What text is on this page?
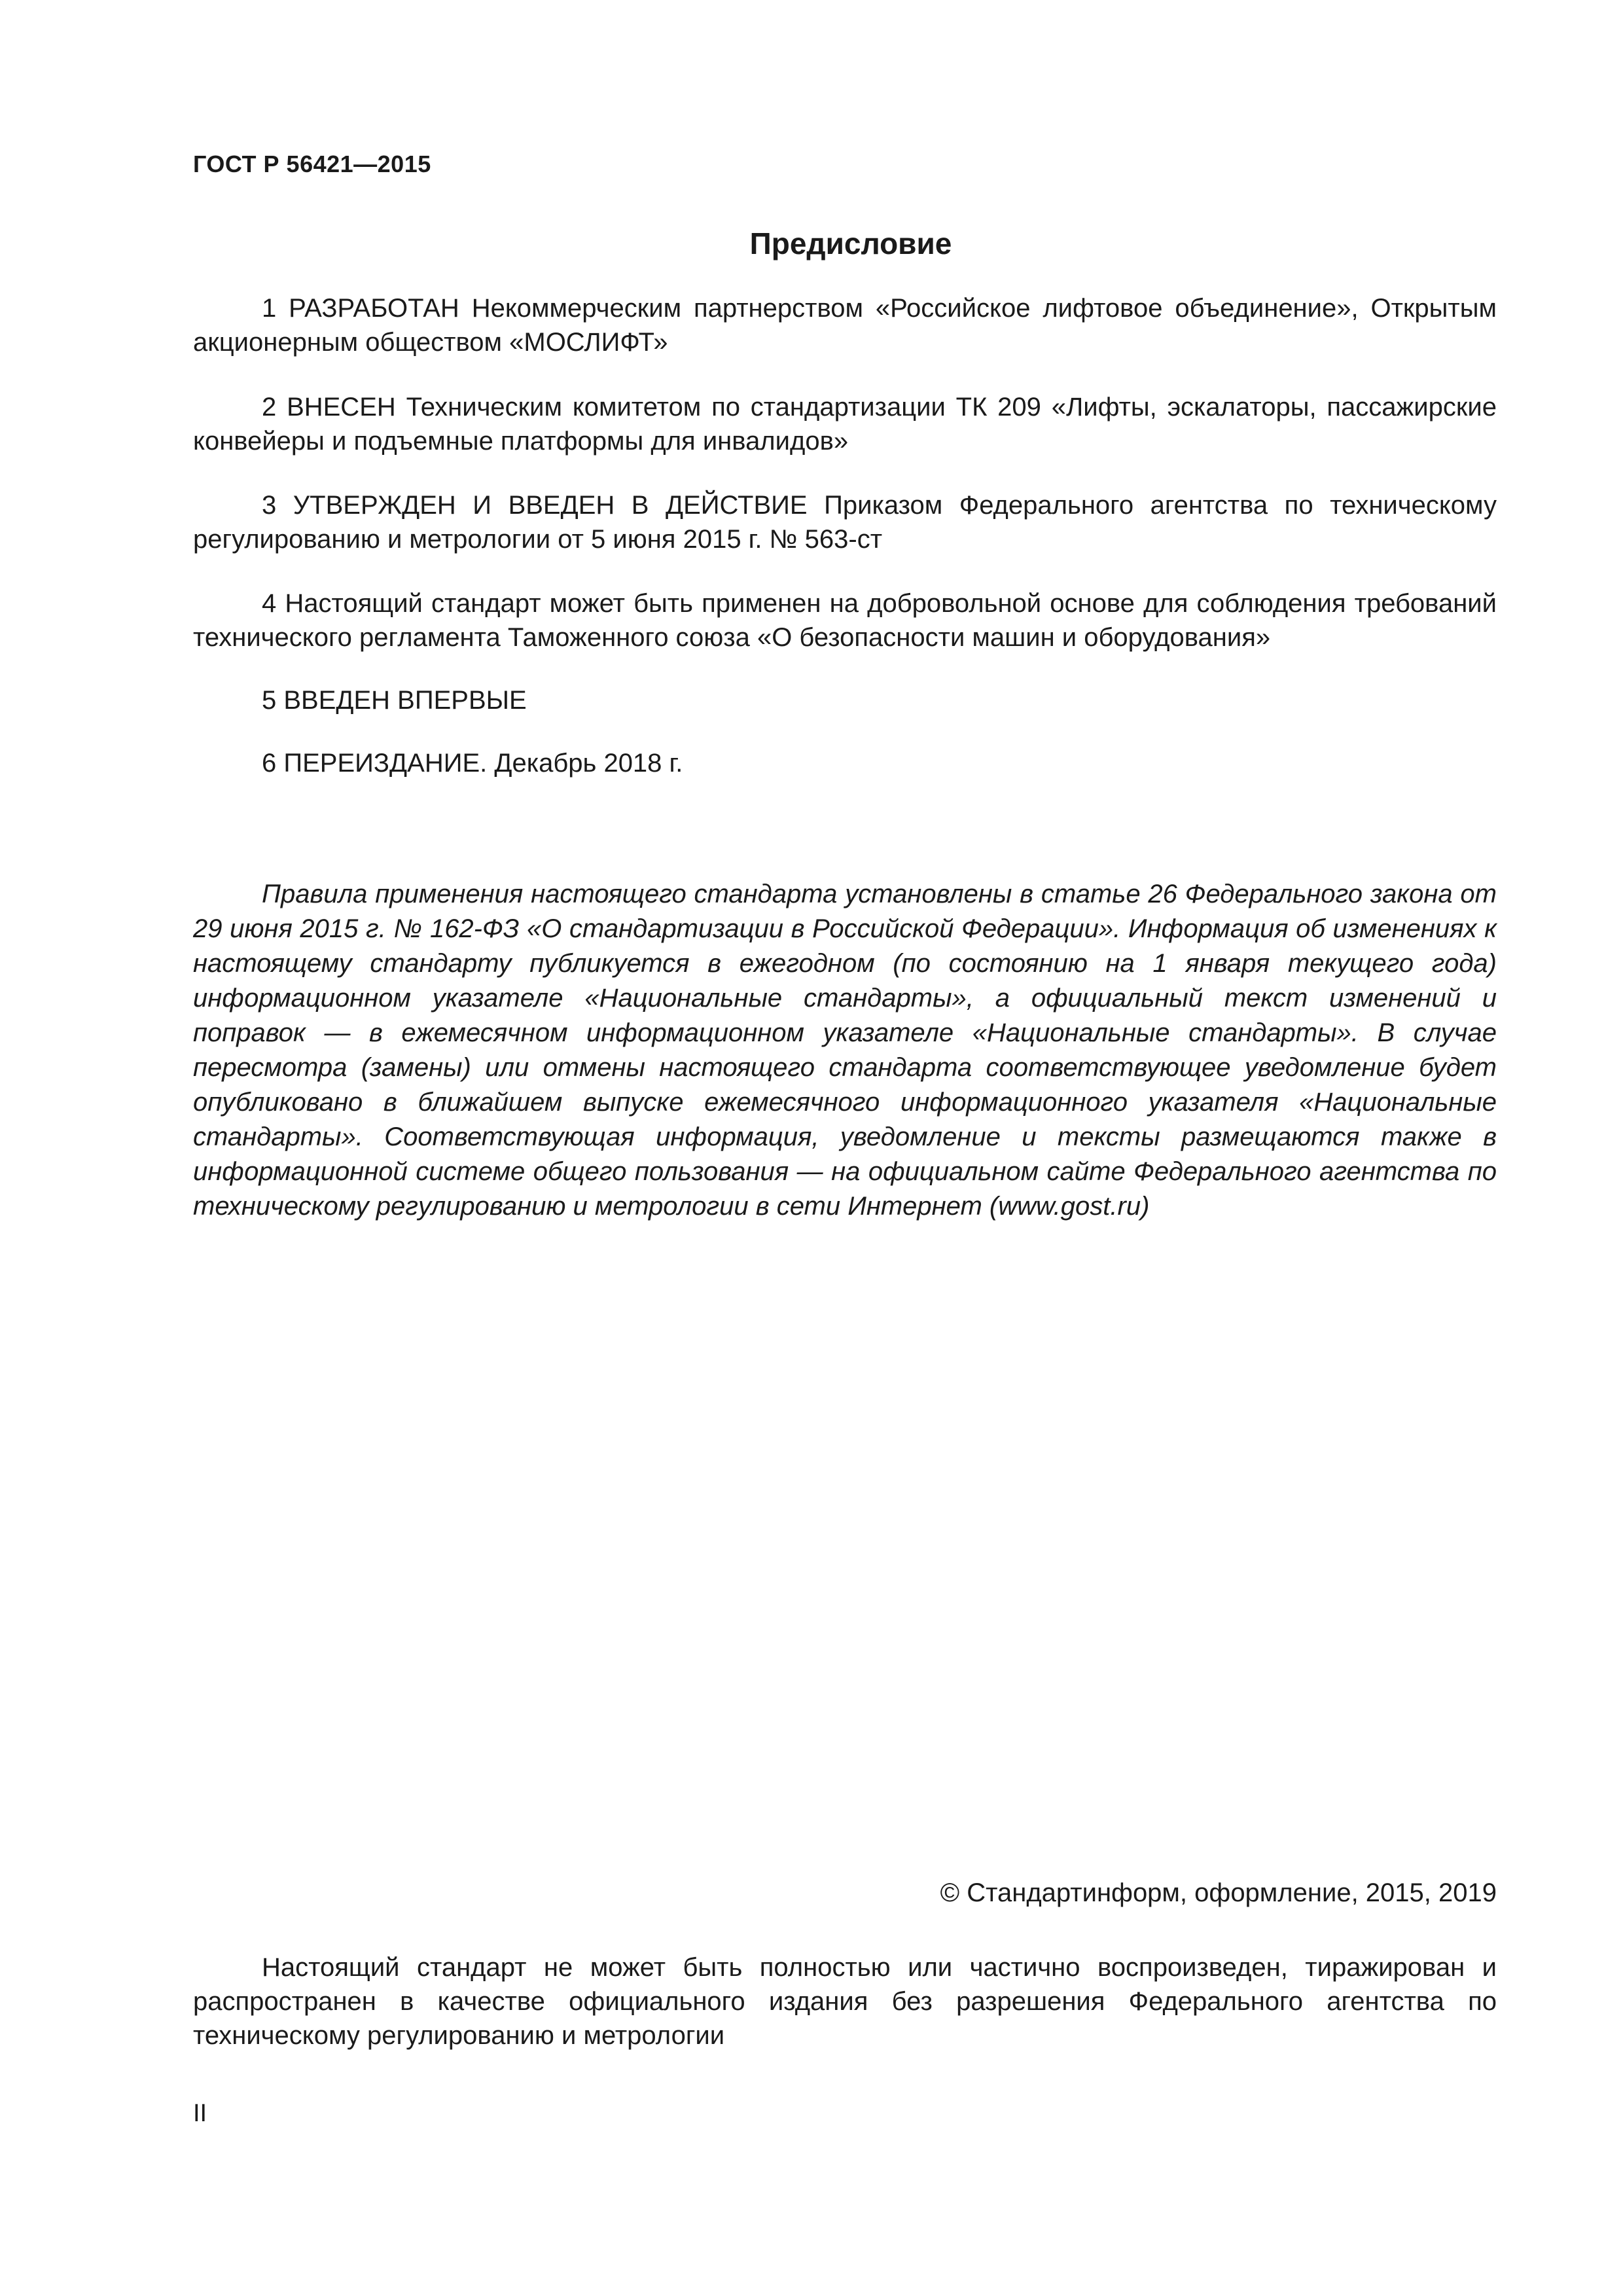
ГОСТ Р 56421—2015
Предисловие

1 РАЗРАБОТАН Некоммерческим партнерством «Российское лифтовое объединение», Открытым акционерным обществом «МОСЛИФТ»

2 ВНЕСЕН Техническим комитетом по стандартизации ТК 209 «Лифты, эскалаторы, пассажирские конвейеры и подъемные платформы для инвалидов»

3 УТВЕРЖДЕН И ВВЕДЕН В ДЕЙСТВИЕ Приказом Федерального агентства по техническому регулированию и метрологии от 5 июня 2015 г. № 563-ст

4 Настоящий стандарт может быть применен на добровольной основе для соблюдения требований технического регламента Таможенного союза «О безопасности машин и оборудования»

5 ВВЕДЕН ВПЕРВЫЕ

6 ПЕРЕИЗДАНИЕ. Декабрь 2018 г.

Правила применения настоящего стандарта установлены в статье 26 Федерального закона от 29 июня 2015 г. № 162-ФЗ «О стандартизации в Российской Федерации». Информация об изменениях к настоящему стандарту публикуется в ежегодном (по состоянию на 1 января текущего года) информационном указателе «Национальные стандарты», а официальный текст изменений и поправок — в ежемесячном информационном указателе «Национальные стандарты». В случае пересмотра (замены) или отмены настоящего стандарта соответствующее уведомление будет опубликовано в ближайшем выпуске ежемесячного информационного указателя «Национальные стандарты». Соответствующая информация, уведомление и тексты размещаются также в информационной системе общего пользования — на официальном сайте Федерального агентства по техническому регулированию и метрологии в сети Интернет (www.gost.ru)

© Стандартинформ, оформление, 2015, 2019

Настоящий стандарт не может быть полностью или частично воспроизведен, тиражирован и распространен в качестве официального издания без разрешения Федерального агентства по техническому регулированию и метрологии

II
